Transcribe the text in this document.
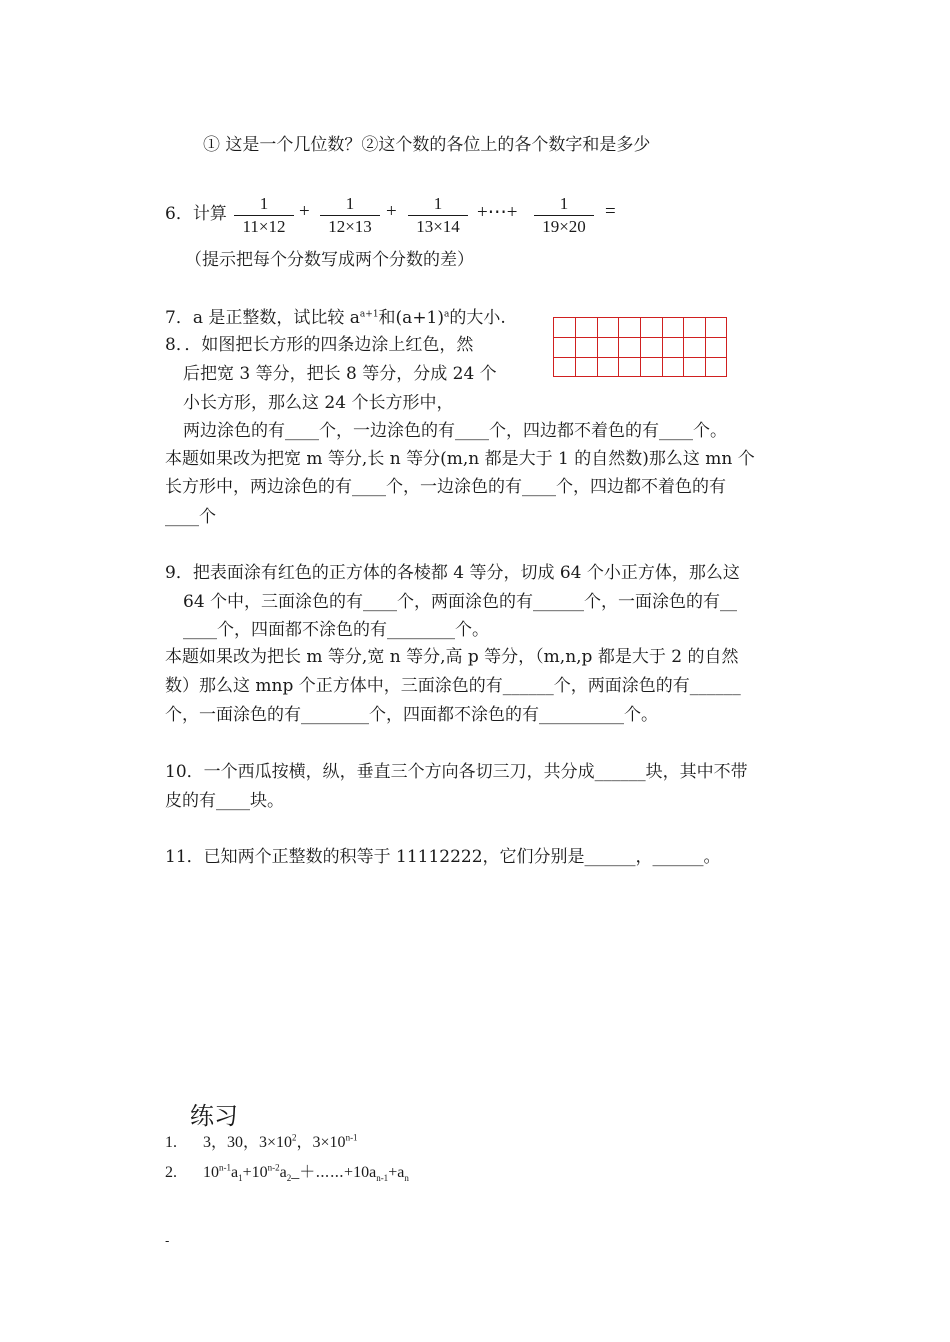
① 这是一个几位数？②这个数的各位上的各个数字和是多少
6．计算
1
11×12
+	1
12×13
+	1
13×14
+⋯+	1
19×20
=
（提示把每个分数写成两个分数的差）
7．a 是正整数，试比较 $a^{a+1}$和$(a+1)^a$的大小.
8．．如图把长方形的四条边涂上红色，然
后把宽 3 等分，把长 8 等分，分成 24 个
小长方形，那么这 24 个长方形中，
两边涂色的有____个，一边涂色的有____个，四边都不着色的有____个。
本题如果改为把宽 m 等分,长 n 等分(m,n 都是大于 1 的自然数)那么这 mn 个
长方形中，两边涂色的有____个，一边涂色的有____个，四边都不着色的有
____个
9．把表面涂有红色的正方体的各棱都 4 等分，切成 64 个小正方体，那么这
64 个中，三面涂色的有____个，两面涂色的有______个，一面涂色的有__
____个，四面都不涂色的有________个。
本题如果改为把长 m 等分,宽 n 等分,高 p 等分，（m,n,p 都是大于 2 的自然
数）那么这 mnp 个正方体中，三面涂色的有______个，两面涂色的有______
个，一面涂色的有________个，四面都不涂色的有__________个。
10．一个西瓜按横，纵，垂直三个方向各切三刀，共分成______块，其中不带
皮的有____块。
11．已知两个正整数的积等于 11112222，它们分别是______，______。
练习
1. 3，30，$3\times 10^2$，$3\times 10^{n-1}$
2. $10^{n-1}a_1+10^{n-2}a_2\_+\cdots\cdots+10a_{n-1}+a_n$
-
